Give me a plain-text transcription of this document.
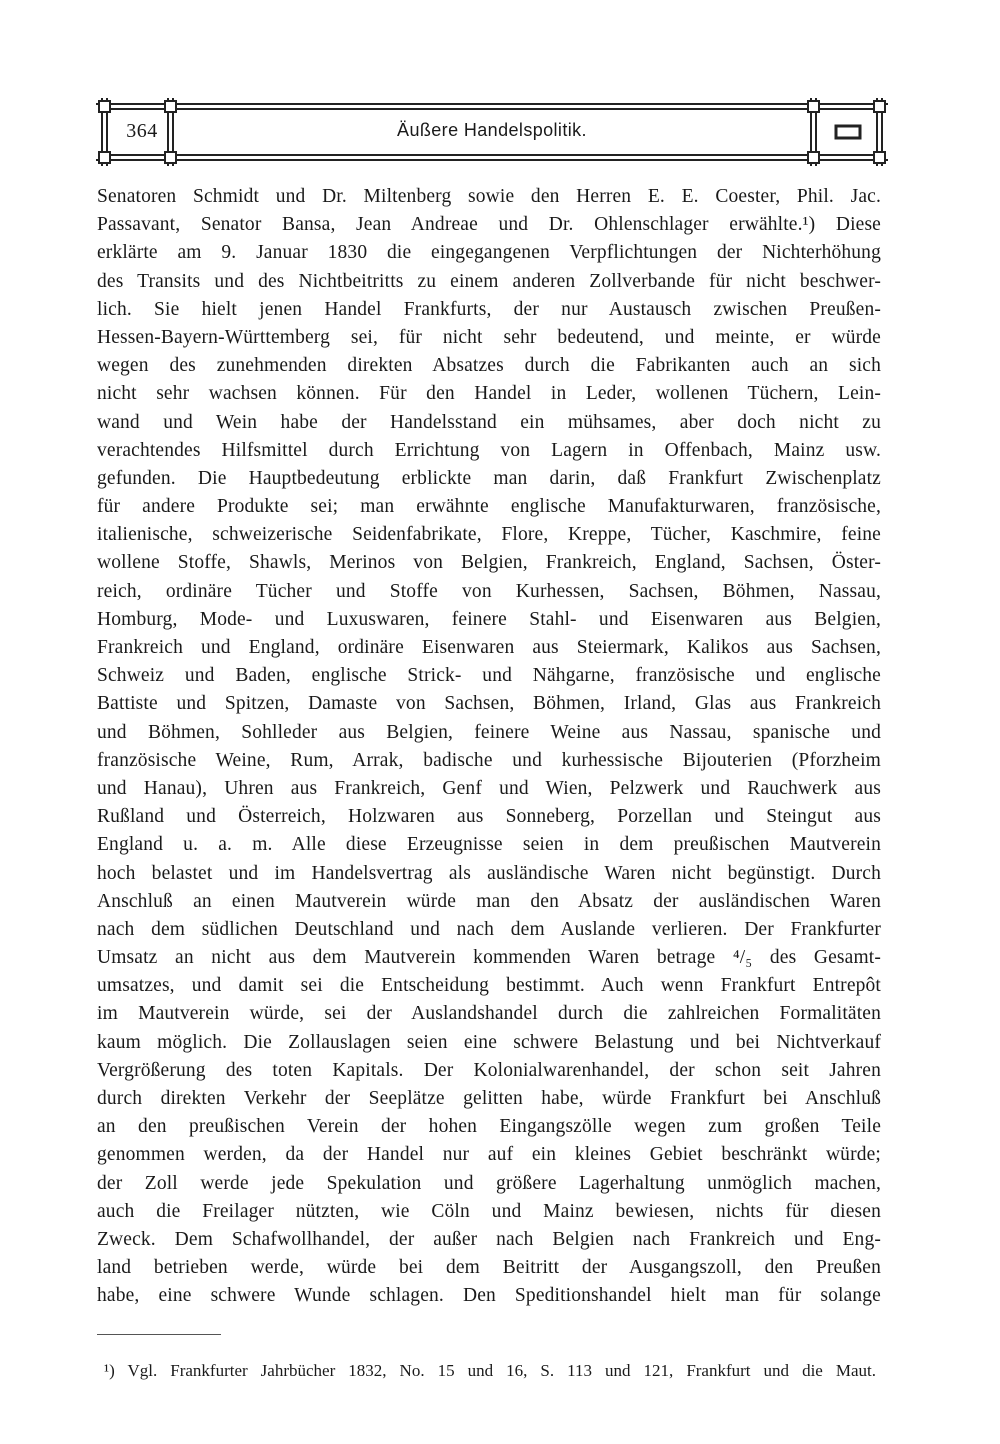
364	Äußere Handelspolitik.
Senatoren Schmidt und Dr. Miltenberg sowie den Herren E. E. Coester, Phil. Jac.
Passavant, Senator Bansa, Jean Andreae und Dr. Ohlenschlager erwählte.¹) Diese
erklärte am 9. Januar 1830 die eingegangenen Verpflichtungen der Nichterhöhung
des Transits und des Nichtbeitritts zu einem anderen Zollverbande für nicht beschwer-
lich. Sie hielt jenen Handel Frankfurts, der nur Austausch zwischen Preußen-
Hessen-Bayern-Württemberg sei, für nicht sehr bedeutend, und meinte, er würde
wegen des zunehmenden direkten Absatzes durch die Fabrikanten auch an sich
nicht sehr wachsen können. Für den Handel in Leder, wollenen Tüchern, Lein-
wand und Wein habe der Handelsstand ein mühsames, aber doch nicht zu
verachtendes Hilfsmittel durch Errichtung von Lagern in Offenbach, Mainz usw.
gefunden. Die Hauptbedeutung erblickte man darin, daß Frankfurt Zwischenplatz
für andere Produkte sei; man erwähnte englische Manufakturwaren, französische,
italienische, schweizerische Seidenfabrikate, Flore, Kreppe, Tücher, Kaschmire, feine
wollene Stoffe, Shawls, Merinos von Belgien, Frankreich, England, Sachsen, Öster-
reich, ordinäre Tücher und Stoffe von Kurhessen, Sachsen, Böhmen, Nassau,
Homburg, Mode- und Luxuswaren, feinere Stahl- und Eisenwaren aus Belgien,
Frankreich und England, ordinäre Eisenwaren aus Steiermark, Kalikos aus Sachsen,
Schweiz und Baden, englische Strick- und Nähgarne, französische und englische
Battiste und Spitzen, Damaste von Sachsen, Böhmen, Irland, Glas aus Frankreich
und Böhmen, Sohlleder aus Belgien, feinere Weine aus Nassau, spanische und
französische Weine, Rum, Arrak, badische und kurhessische Bijouterien (Pforzheim
und Hanau), Uhren aus Frankreich, Genf und Wien, Pelzwerk und Rauchwerk aus
Rußland und Österreich, Holzwaren aus Sonneberg, Porzellan und Steingut aus
England u. a. m. Alle diese Erzeugnisse seien in dem preußischen Mautverein
hoch belastet und im Handelsvertrag als ausländische Waren nicht begünstigt. Durch
Anschluß an einen Mautverein würde man den Absatz der ausländischen Waren
nach dem südlichen Deutschland und nach dem Auslande verlieren. Der Frankfurter
Umsatz an nicht aus dem Mautverein kommenden Waren betrage ⁴/₅ des Gesamt-
umsatzes, und damit sei die Entscheidung bestimmt. Auch wenn Frankfurt Entrepôt
im Mautverein würde, sei der Auslandshandel durch die zahlreichen Formalitäten
kaum möglich. Die Zollauslagen seien eine schwere Belastung und bei Nichtverkauf
Vergrößerung des toten Kapitals. Der Kolonialwarenhandel, der schon seit Jahren
durch direkten Verkehr der Seeplätze gelitten habe, würde Frankfurt bei Anschluß
an den preußischen Verein der hohen Eingangszölle wegen zum großen Teile
genommen werden, da der Handel nur auf ein kleines Gebiet beschränkt würde;
der Zoll werde jede Spekulation und größere Lagerhaltung unmöglich machen,
auch die Freilager nützten, wie Cöln und Mainz bewiesen, nichts für diesen
Zweck. Dem Schafwollhandel, der außer nach Belgien nach Frankreich und Eng-
land betrieben werde, würde bei dem Beitritt der Ausgangszoll, den Preußen
habe, eine schwere Wunde schlagen. Den Speditionshandel hielt man für solange
¹) Vgl. Frankfurter Jahrbücher 1832, No. 15 und 16, S. 113 und 121, Frankfurt und die Maut.
